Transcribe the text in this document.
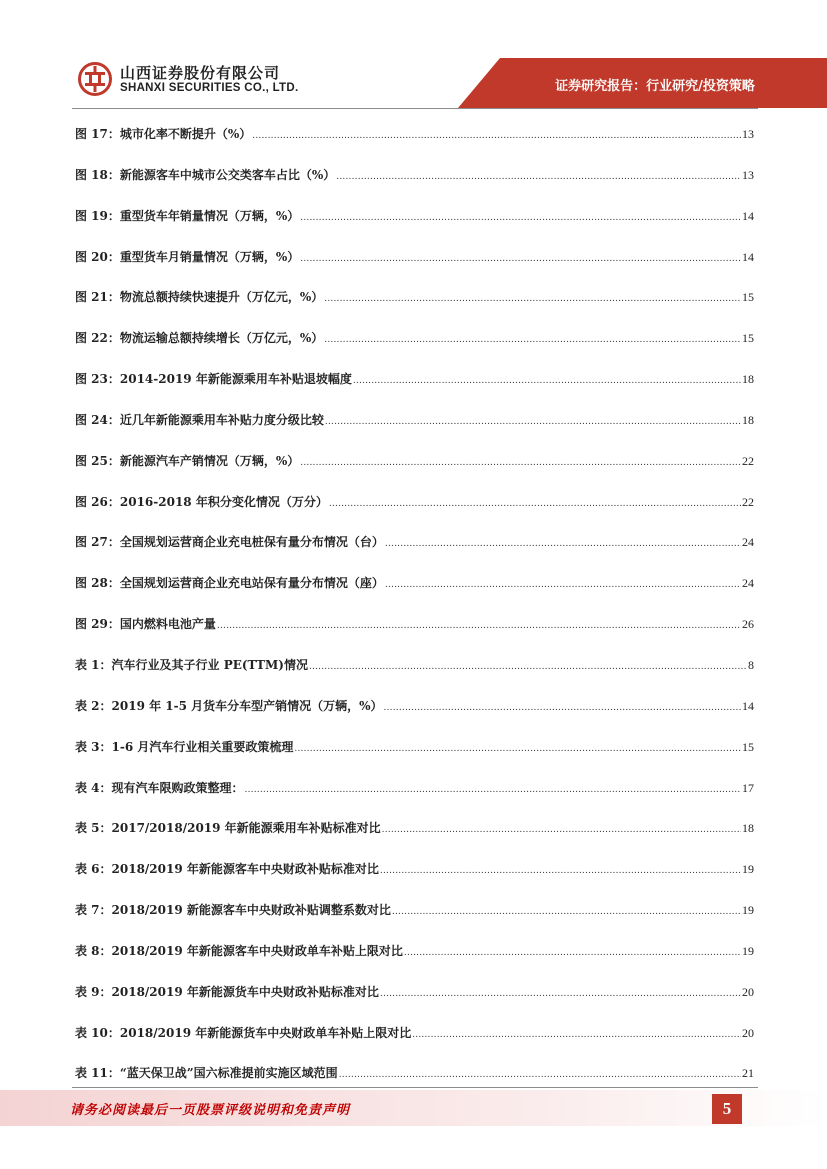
山西证券股份有限公司
SHANXI SECURITIES CO., LTD.	证券研究报告：行业研究/投资策略
图 17：城市化率不断提升（%） .....	13
图 18：新能源客车中城市公交类客车占比（%） .....	13
图 19：重型货车年销量情况（万辆，%） .....	14
图 20：重型货车月销量情况（万辆，%） .....	14
图 21：物流总额持续快速提升（万亿元，%） .....	15
图 22：物流运输总额持续增长（万亿元，%） .....	15
图 23：2014-2019 年新能源乘用车补贴退坡幅度 .....	18
图 24：近几年新能源乘用车补贴力度分级比较 .....	18
图 25：新能源汽车产销情况（万辆，%） .....	22
图 26：2016-2018 年积分变化情况（万分） .....	22
图 27：全国规划运营商企业充电桩保有量分布情况（台） .....	24
图 28：全国规划运营商企业充电站保有量分布情况（座） .....	24
图 29：国内燃料电池产量 .....	26
表 1：汽车行业及其子行业 PE(TTM)情况 .....	8
表 2：2019 年 1-5 月货车分车型产销情况（万辆，%） .....	14
表 3：1-6 月汽车行业相关重要政策梳理 .....	15
表 4：现有汽车限购政策整理： .....	17
表 5：2017/2018/2019 年新能源乘用车补贴标准对比 .....	18
表 6：2018/2019 年新能源客车中央财政补贴标准对比 .....	19
表 7：2018/2019 新能源客车中央财政补贴调整系数对比 .....	19
表 8：2018/2019 年新能源客车中央财政单车补贴上限对比 .....	19
表 9：2018/2019 年新能源货车中央财政补贴标准对比 .....	20
表 10：2018/2019 年新能源货车中央财政单车补贴上限对比 .....	20
表 11：“蓝天保卫战”国六标准提前实施区域范围 .....	21
请务必阅读最后一页股票评级说明和免责声明	5
